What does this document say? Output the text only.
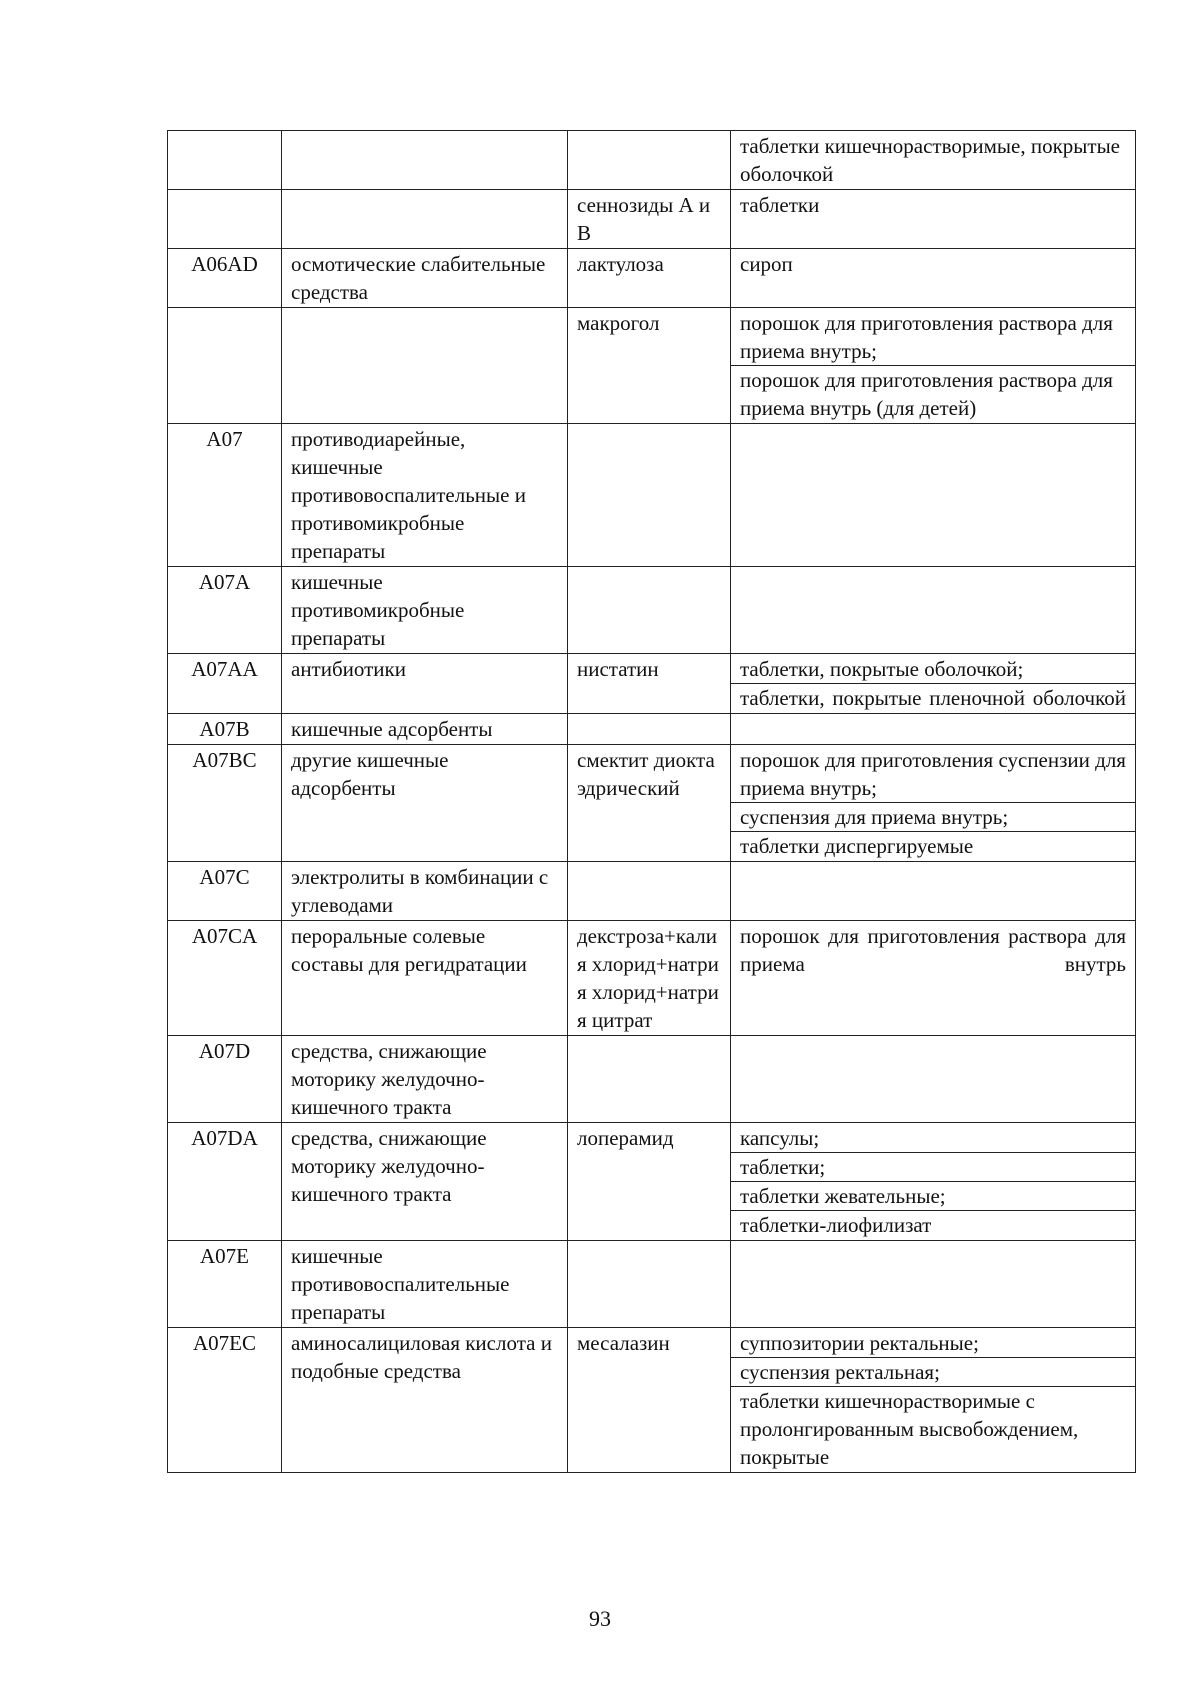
			таблетки кишечнорастворимые, покрытые оболочкой

		сеннозиды А и В	таблетки

A06AD	осмотические слабительные средства	лактулоза	сироп

		макрогол	порошок для приготовления раствора для приема внутрь;
порошок для приготовления раствора для приема внутрь (для детей)

A07	противодиарейные, кишечные противовоспалительные и противомикробные препараты		

A07A	кишечные противомикробные препараты		

A07AA	антибиотики	нистатин	таблетки, покрытые оболочкой;
таблетки, покрытые пленочной оболочкой

A07B	кишечные адсорбенты		

A07BC	другие кишечные адсорбенты	смектит диоктаэдрический	порошок для приготовления суспензии для приема внутрь;
суспензия для приема внутрь;
таблетки диспергируемые

A07C	электролиты в комбинации с углеводами		

A07CA	пероральные солевые составы для регидратации	декстроза+калия хлорид+натрия хлорид+натрия цитрат	порошок для приготовления раствора для приема внутрь

A07D	средства, снижающие моторику желудочно-кишечного тракта		

A07DA	средства, снижающие моторику желудочно-кишечного тракта	лоперамид	капсулы;
таблетки;
таблетки жевательные;
таблетки-лиофилизат

A07E	кишечные противовоспалительные препараты		

A07EC	аминосалициловая кислота и подобные средства	месалазин	суппозитории ректальные;
суспензия ректальная;
таблетки кишечнорастворимые с пролонгированным высвобождением, покрытые
93
